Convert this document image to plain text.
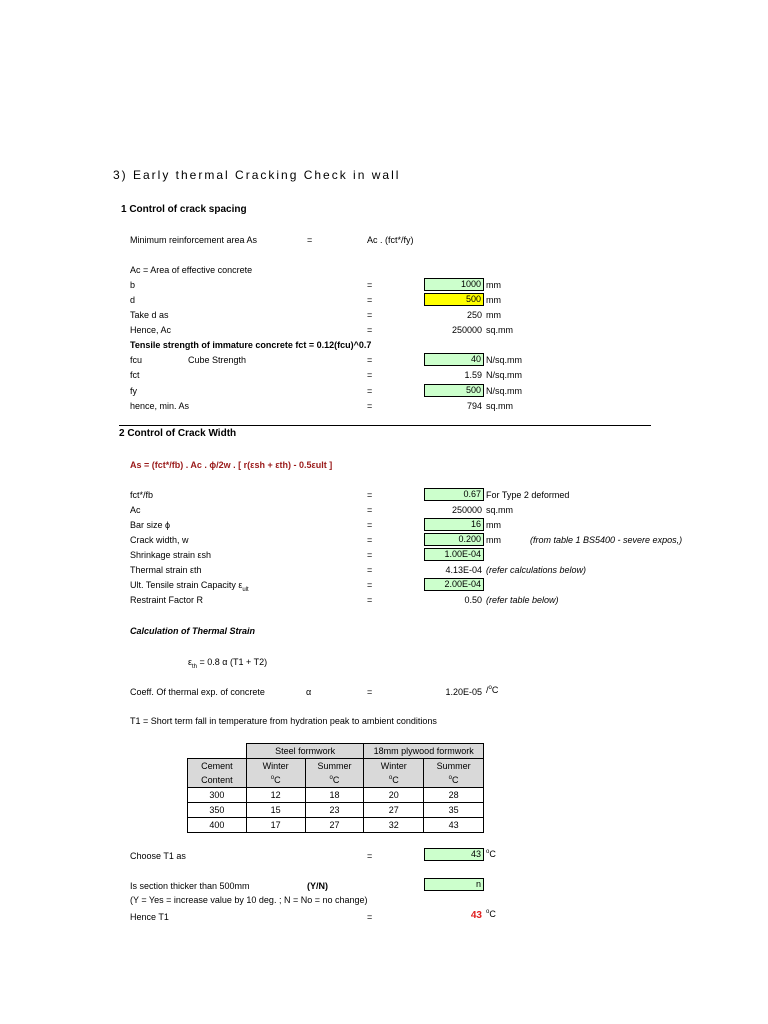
3) Early thermal Cracking Check in wall
1 Control of crack spacing
Minimum reinforcement area As	=	Ac . (fct*/fy)
Ac = Area of effective concrete
b	=	1000 mm
d	=	500 mm
Take d as	=	250 mm
Hence, Ac	=	250000 sq.mm
Tensile strength of immature concrete fct = 0.12(fcu)^0.7
fcu	Cube Strength	=	40 N/sq.mm
fct	=	1.59 N/sq.mm
fy	=	500 N/sq.mm
hence, min. As	=	794 sq.mm
2 Control of Crack Width
As = (fct*/fb) . Ac . ϕ/2w . [ r(εsh + εth) - 0.5εult ]
fct*/fb	=	0.67 For Type 2 deformed
Ac	=	250000 sq.mm
Bar size ϕ	=	16 mm
Crack width, w	=	0.200 mm	(from table 1 BS5400 - severe expos,)
Shrinkage strain εsh	=	1.00E-04
Thermal strain εth	=	4.13E-04 (refer calculations below)
Ult. Tensile strain Capacity $\varepsilon_{ult}$	=	2.00E-04
Restraint Factor R	=	0.50 (refer table below)
Calculation of Thermal Strain
$\varepsilon_{th} = 0.8$ α (T1 + T2)
Coeff. Of thermal exp. of concrete	α	=	1.20E-05 /$^o$C
T1 = Short term fall in temperature from hydration peak to ambient conditions
	Steel formwork		18mm plywood formwork	
Cement	Winter	Summer	Winter	Summer
Content	$^o$C	$^o$C	$^o$C	$^o$C
300	12	18	20	28
350	15	23	27	35
400	17	27	32	43
Choose T1 as	=	43 $^o$C
Is section thicker than 500mm	(Y/N)	n
(Y = Yes = increase value by 10 deg. ; N = No = no change)
Hence T1	=	43 $^o$C
